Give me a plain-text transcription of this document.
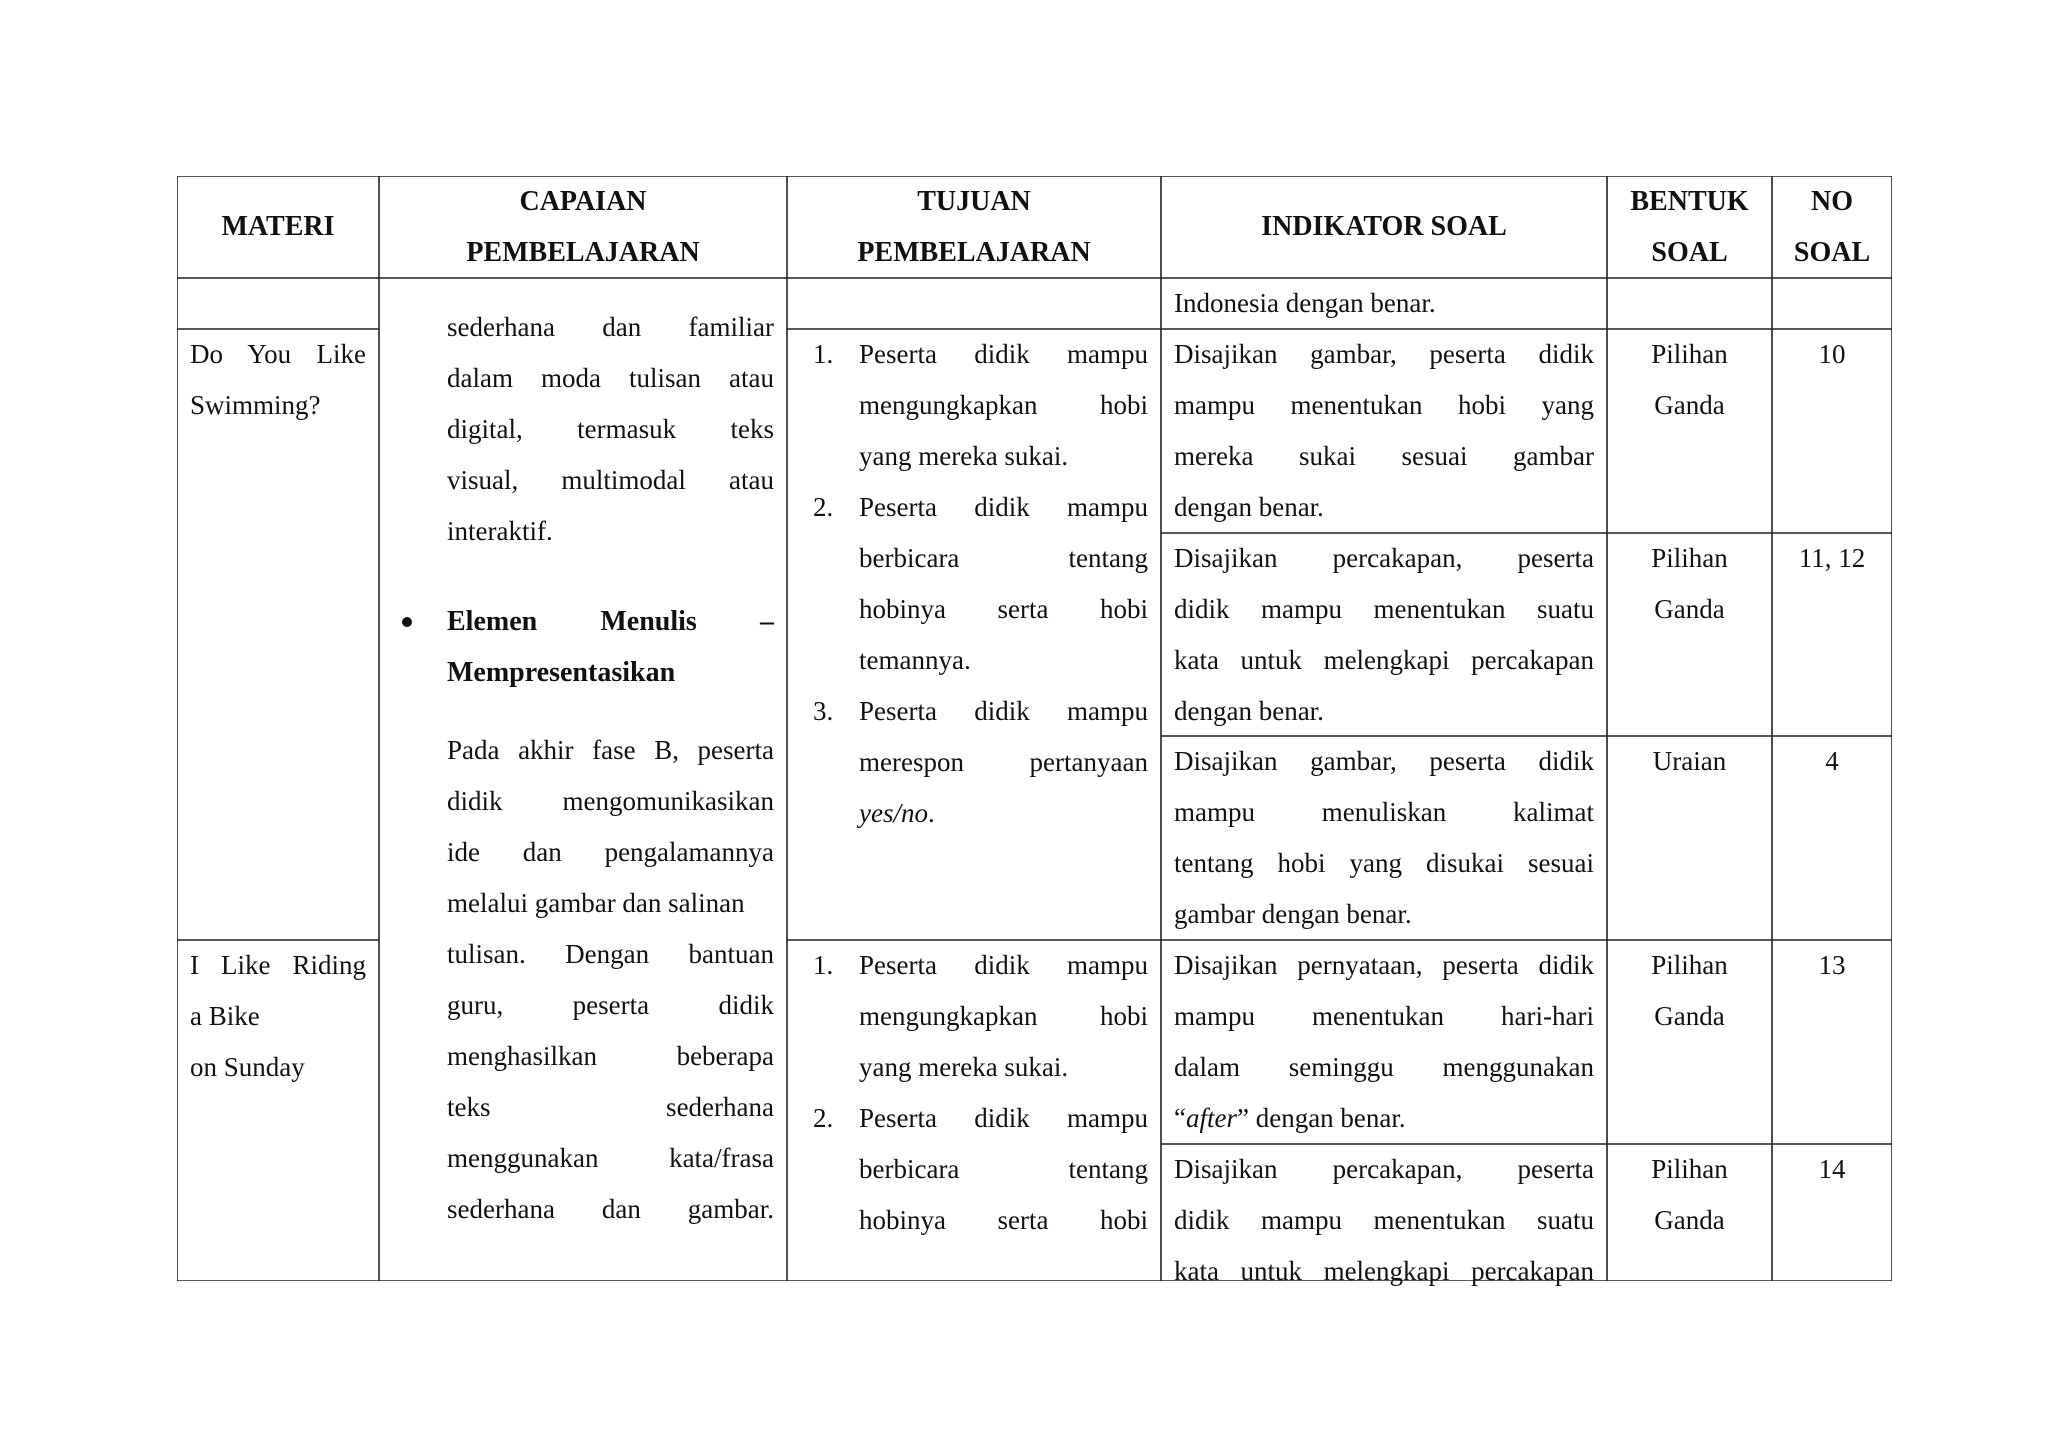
MATERI
CAPAIAN
PEMBELAJARAN
TUJUAN
PEMBELAJARAN
INDIKATOR SOAL
BENTUK
SOAL
NO
SOAL
Indonesia dengan benar.

Do You Like

Swimming?

I Like Riding

a Bike

on Sunday

sederhana dan familiar

dalam moda tulisan atau

digital, termasuk teks

visual, multimodal atau

interaktif.

Elemen Menulis –

Mempresentasikan

Pada akhir fase B, peserta

didik mengomunikasikan

ide dan pengalamannya

melalui gambar dan salinan

tulisan. Dengan bantuan

guru, peserta didik

menghasilkan beberapa

teks sederhana

menggunakan kata/frasa

sederhana dan gambar.

1. Peserta didik mampu

mengungkapkan hobi

yang mereka sukai.

2. Peserta didik mampu

berbicara tentang

hobinya serta hobi

temannya.

3. Peserta didik mampu

merespon pertanyaan

yes/no.

1. Peserta didik mampu

mengungkapkan hobi

yang mereka sukai.

2. Peserta didik mampu

berbicara tentang

hobinya serta hobi

Disajikan gambar, peserta didik

mampu menentukan hobi yang

mereka sukai sesuai gambar

dengan benar.

Pilihan
Ganda
10

Disajikan percakapan, peserta

didik mampu menentukan suatu

kata untuk melengkapi percakapan

dengan benar.

Pilihan
Ganda
11, 12

Disajikan gambar, peserta didik

mampu menuliskan kalimat

tentang hobi yang disukai sesuai

gambar dengan benar.

Uraian	4

Disajikan pernyataan, peserta didik

mampu menentukan hari-hari

dalam seminggu menggunakan

“after” dengan benar.

Pilihan
Ganda
13

Disajikan percakapan, peserta

didik mampu menentukan suatu

kata untuk melengkapi percakapan

Pilihan
Ganda
14
